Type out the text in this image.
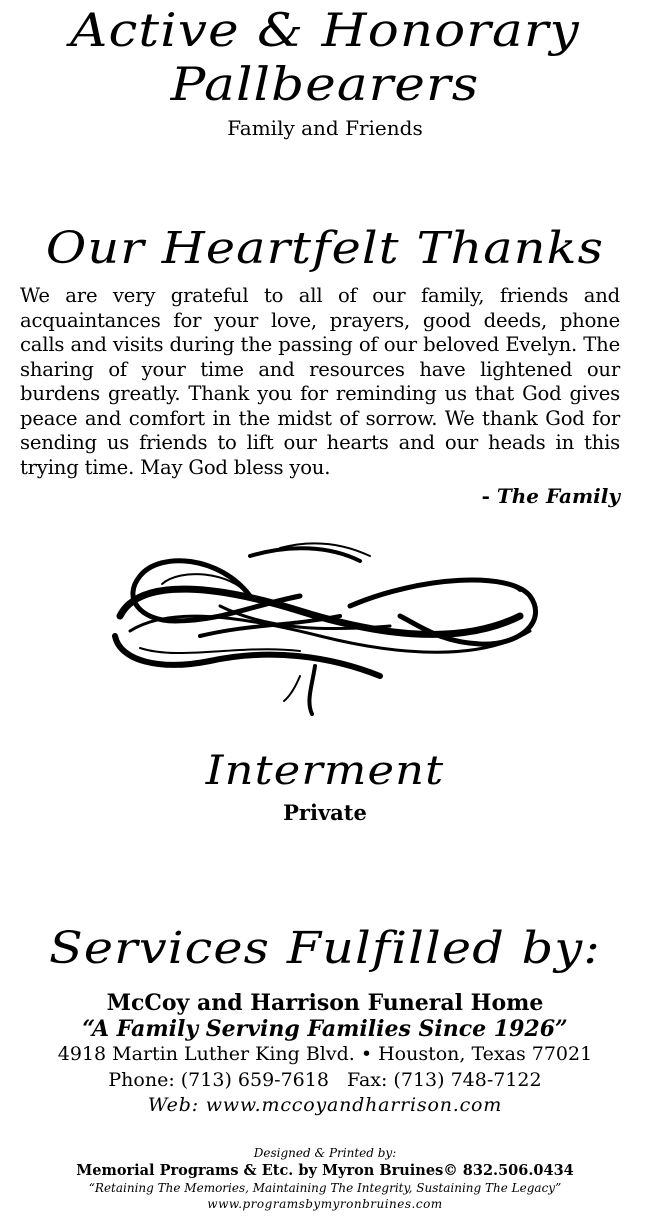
Active & Honorary
Pallbearers
Family and Friends
Our Heartfelt Thanks
We are very grateful to all of our family, friends and acquaintances for your love, prayers, good deeds, phone calls and visits during the passing of our beloved Evelyn. The sharing of your time and resources have lightened our burdens greatly. Thank you for reminding us that God gives peace and comfort in the midst of sorrow. We thank God for sending us friends to lift our hearts and our heads in this trying time. May God bless you.
- The Family
Interment
Private
Services Fulfilled by:
McCoy and Harrison Funeral Home
“A Family Serving Families Since 1926”
4918 Martin Luther King Blvd. • Houston, Texas 77021
Phone: (713) 659-7618   Fax: (713) 748-7122
Web: www.mccoyandharrison.com
Designed & Printed by:
Memorial Programs & Etc. by Myron Bruines© 832.506.0434
“Retaining The Memories, Maintaining The Integrity, Sustaining The Legacy”
www.programsbymyronbruines.com
